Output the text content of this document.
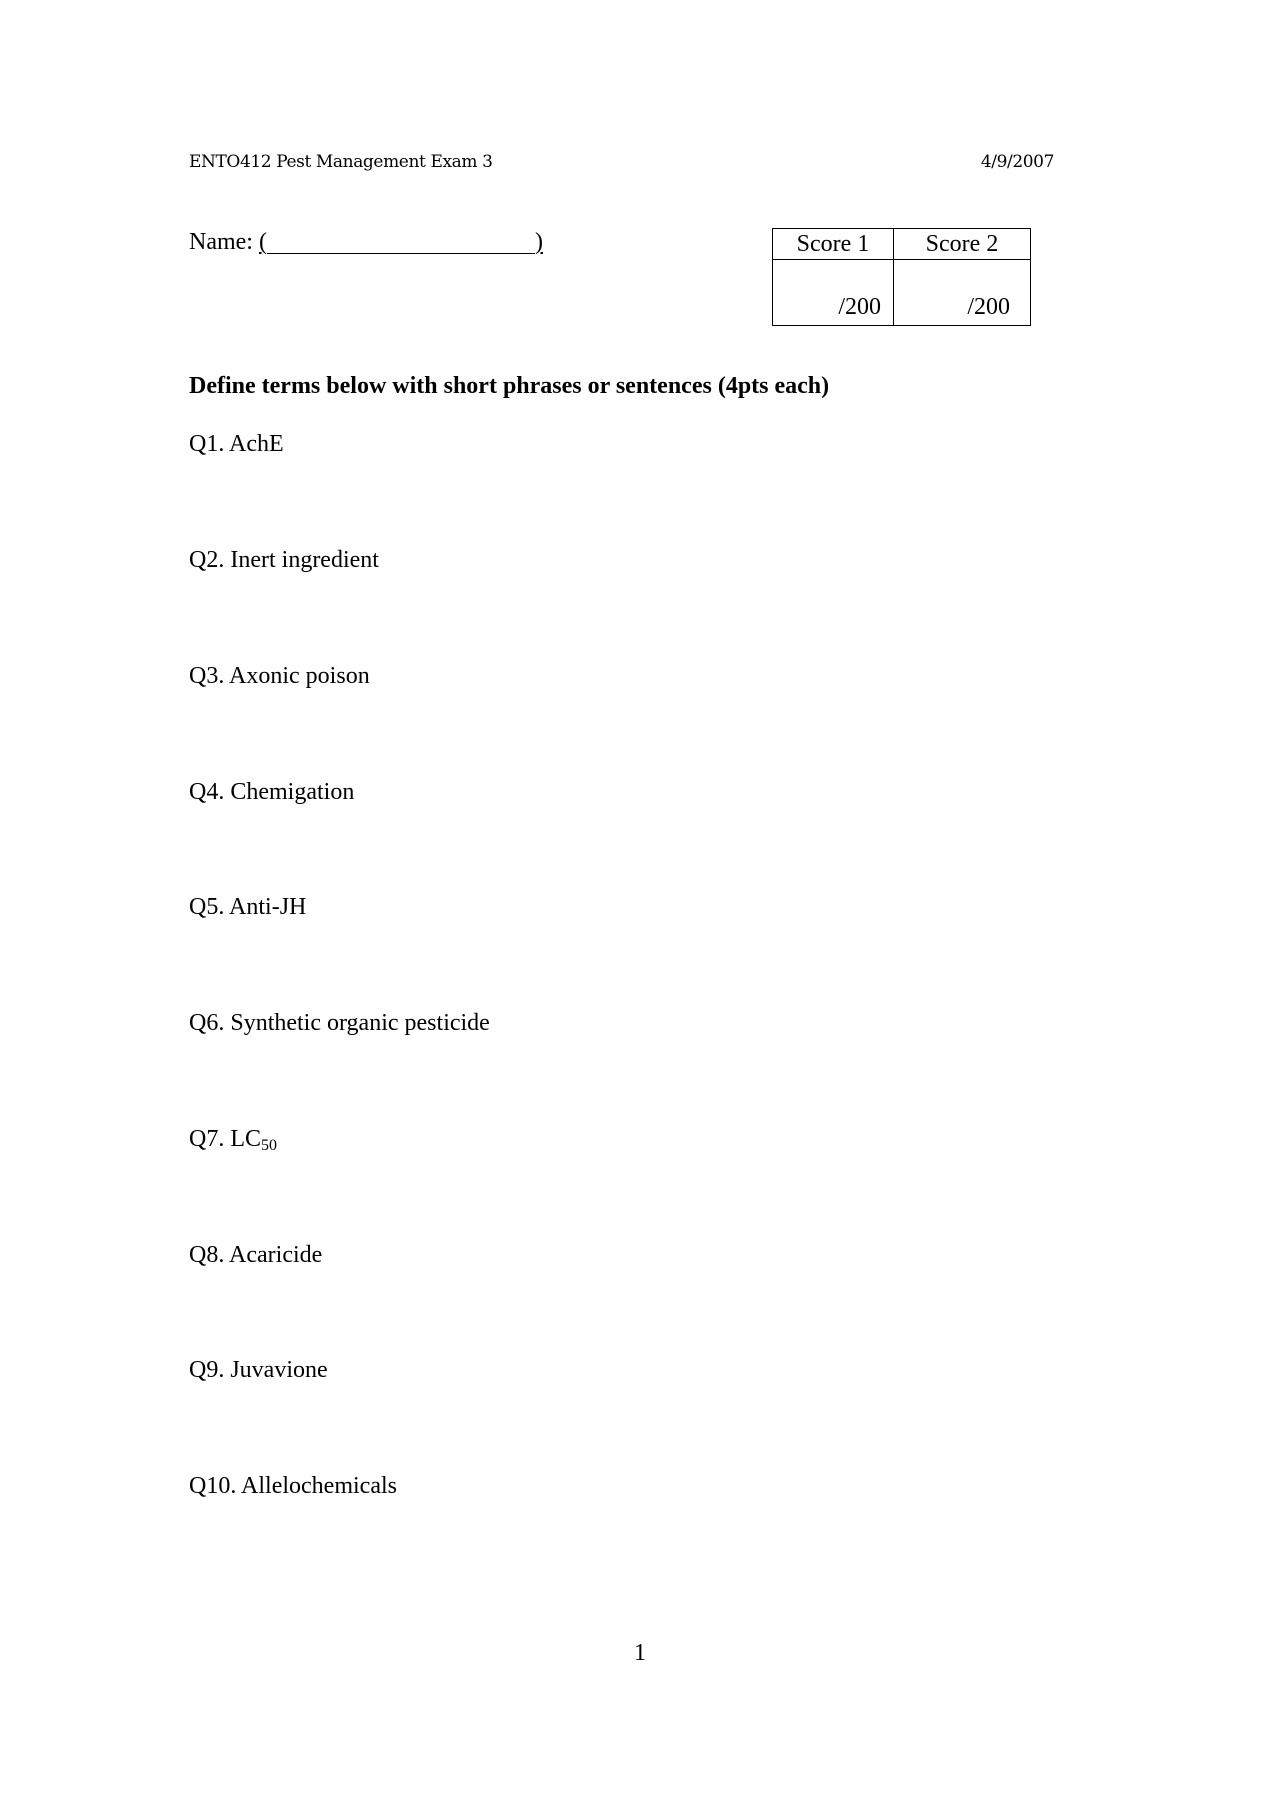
ENTO412 Pest Management Exam 3	4/9/2007
Name: (	)	Score 1	Score 2
/200	/200
Define terms below with short phrases or sentences (4pts each)
Q1. AchE
Q2. Inert ingredient
Q3. Axonic poison
Q4. Chemigation
Q5. Anti-JH
Q6. Synthetic organic pesticide
Q7. $LC_{50}$
Q8. Acaricide
Q9. Juvavione
Q10. Allelochemicals
1
